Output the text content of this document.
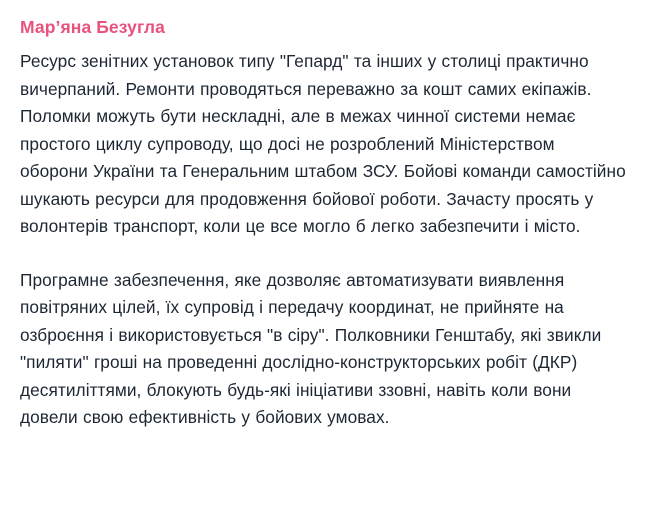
Мар’яна Безугла

Ресурс зенітних установок типу "Гепард" та інших у столиці практично вичерпаний. Ремонти проводяться переважно за кошт самих екіпажів. Поломки можуть бути нескладні, але в межах чинної системи немає простого циклу супроводу, що досі не розроблений Міністерством оборони України та Генеральним штабом ЗСУ. Бойові команди самостійно шукають ресурси для продовження бойової роботи. Зачасту просять у волонтерів транспорт, коли це все могло б легко забезпечити і місто.

Програмне забезпечення, яке дозволяє автоматизувати виявлення повітряних цілей, їх супровід і передачу координат, не прийняте на озброєння і використовується "в сіру". Полковники Генштабу, які звикли "пиляти" гроші на проведенні дослідно-конструкторських робіт (ДКР) десятиліттями, блокують будь-які ініціативи ззовні, навіть коли вони довели свою ефективність у бойових умовах.
